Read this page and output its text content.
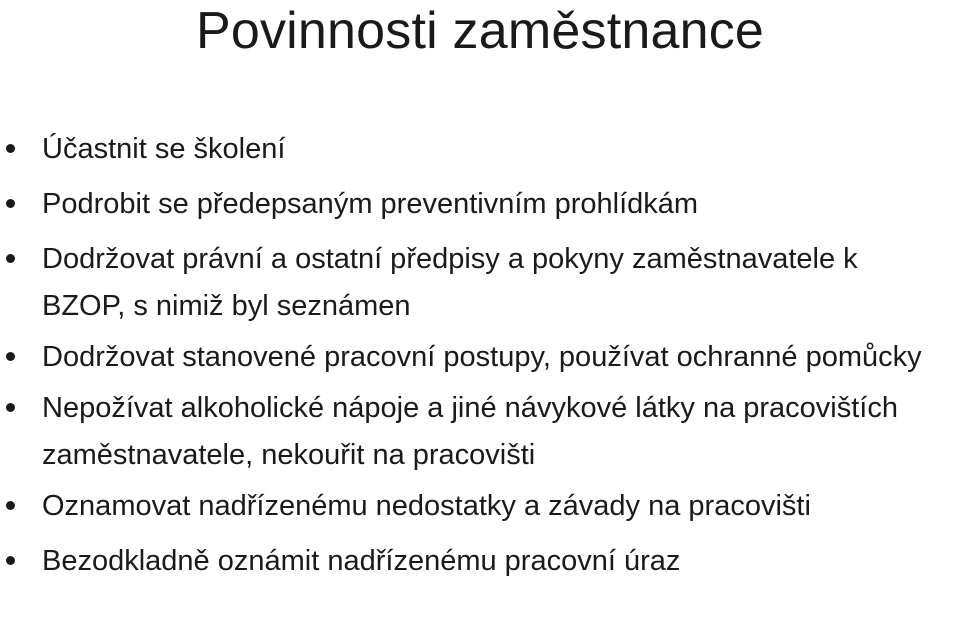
Povinnosti zaměstnance
Účastnit se školení
Podrobit se předepsaným preventivním prohlídkám
Dodržovat právní a ostatní předpisy a pokyny zaměstnavatele k BZOP, s nimiž byl seznámen
Dodržovat stanovené pracovní postupy, používat ochranné pomůcky
Nepožívat alkoholické nápoje a jiné návykové látky na pracovištích zaměstnavatele, nekouřit na pracovišti
Oznamovat nadřízenému nedostatky a závady na pracovišti
Bezodkladně oznámit nadřízenému pracovní úraz
